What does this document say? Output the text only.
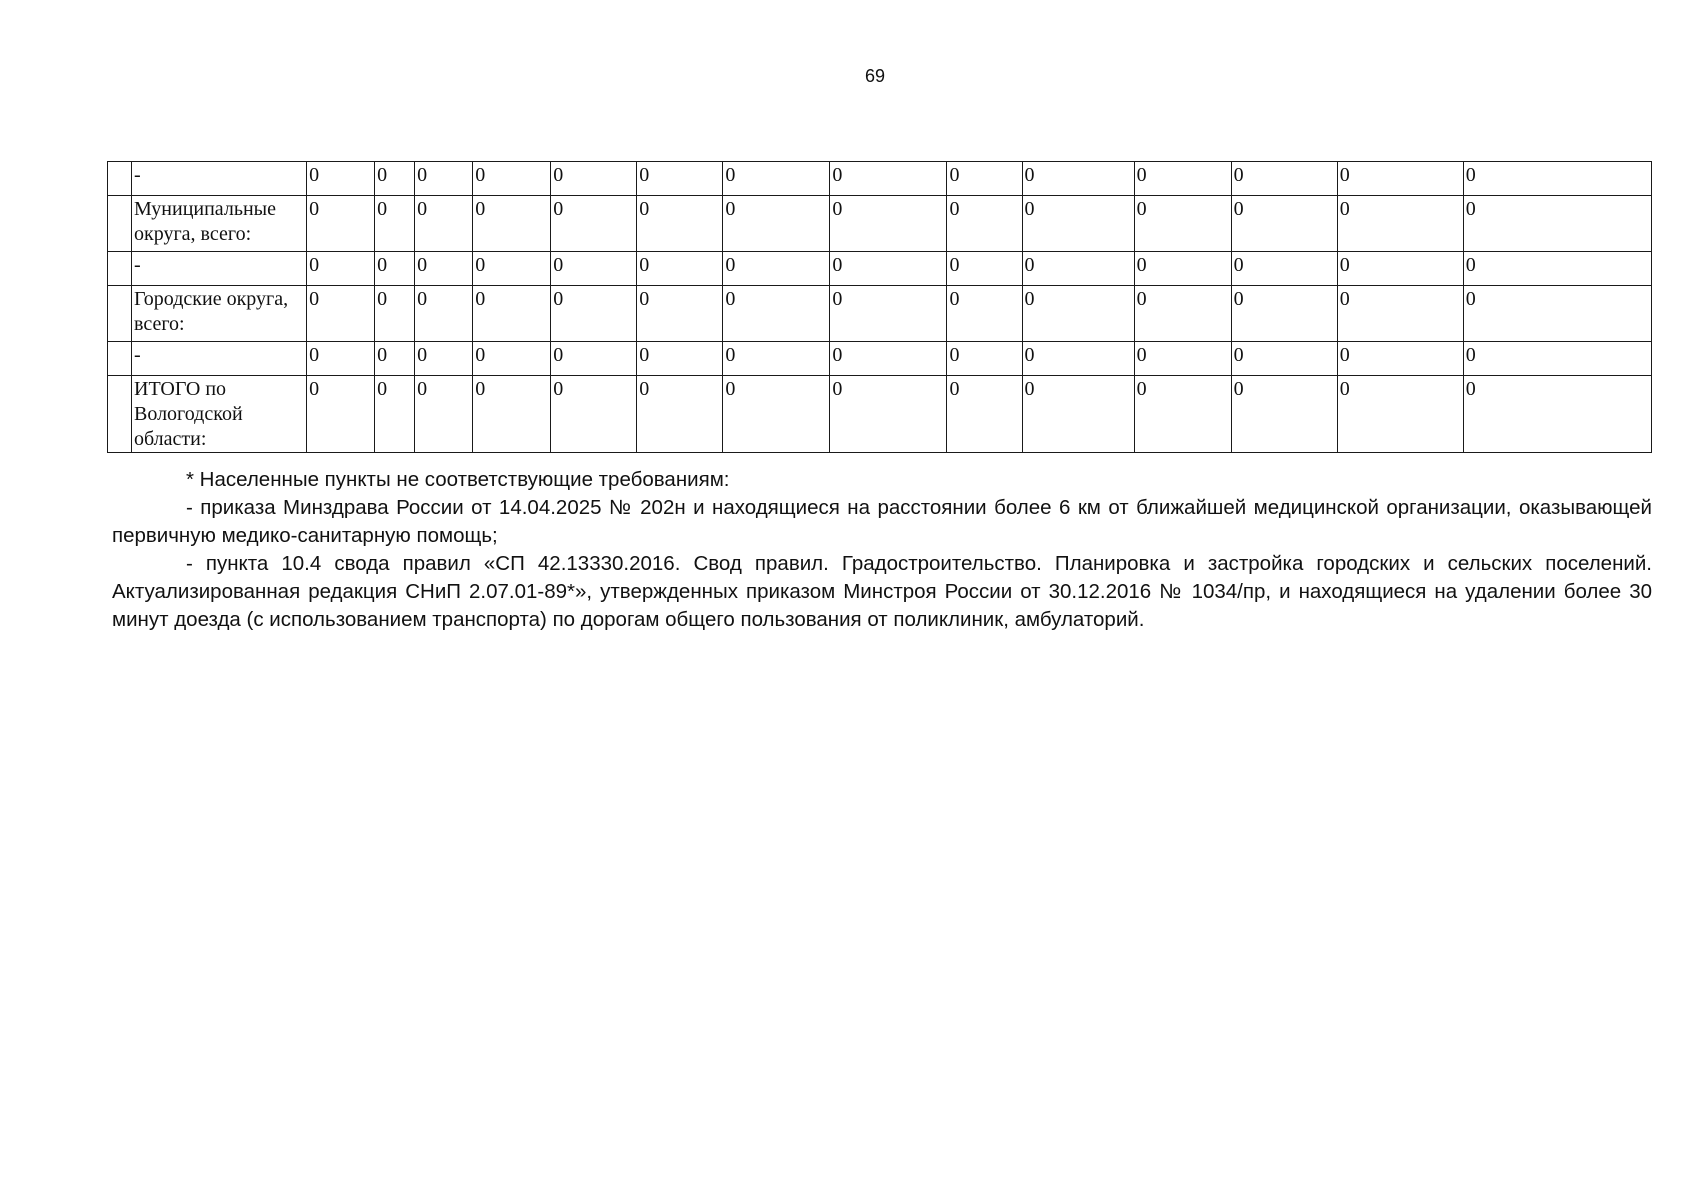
69
	-	0	0	0	0	0	0	0	0	0	0	0	0	0	0
	Муниципальные округа, всего:	0	0	0	0	0	0	0	0	0	0	0	0	0	0
	-	0	0	0	0	0	0	0	0	0	0	0	0	0	0
	Городские округа, всего:	0	0	0	0	0	0	0	0	0	0	0	0	0	0
	-	0	0	0	0	0	0	0	0	0	0	0	0	0	0
	ИТОГО по Вологодской области:	0	0	0	0	0	0	0	0	0	0	0	0	0	0

* Населенные пункты не соответствующие требованиям:

- приказа Минздрава России от 14.04.2025 № 202н и находящиеся на расстоянии более 6 км от ближайшей медицинской организации, оказывающей первичную медико-санитарную помощь;

- пункта 10.4 свода правил «СП 42.13330.2016. Свод правил. Градостроительство. Планировка и застройка городских и сельских поселений. Актуализированная редакция СНиП 2.07.01-89*», утвержденных приказом Минстроя России от 30.12.2016 № 1034/пр, и находящиеся на удалении более 30 минут доезда (с использованием транспорта) по дорогам общего пользования от поликлиник, амбулаторий.
